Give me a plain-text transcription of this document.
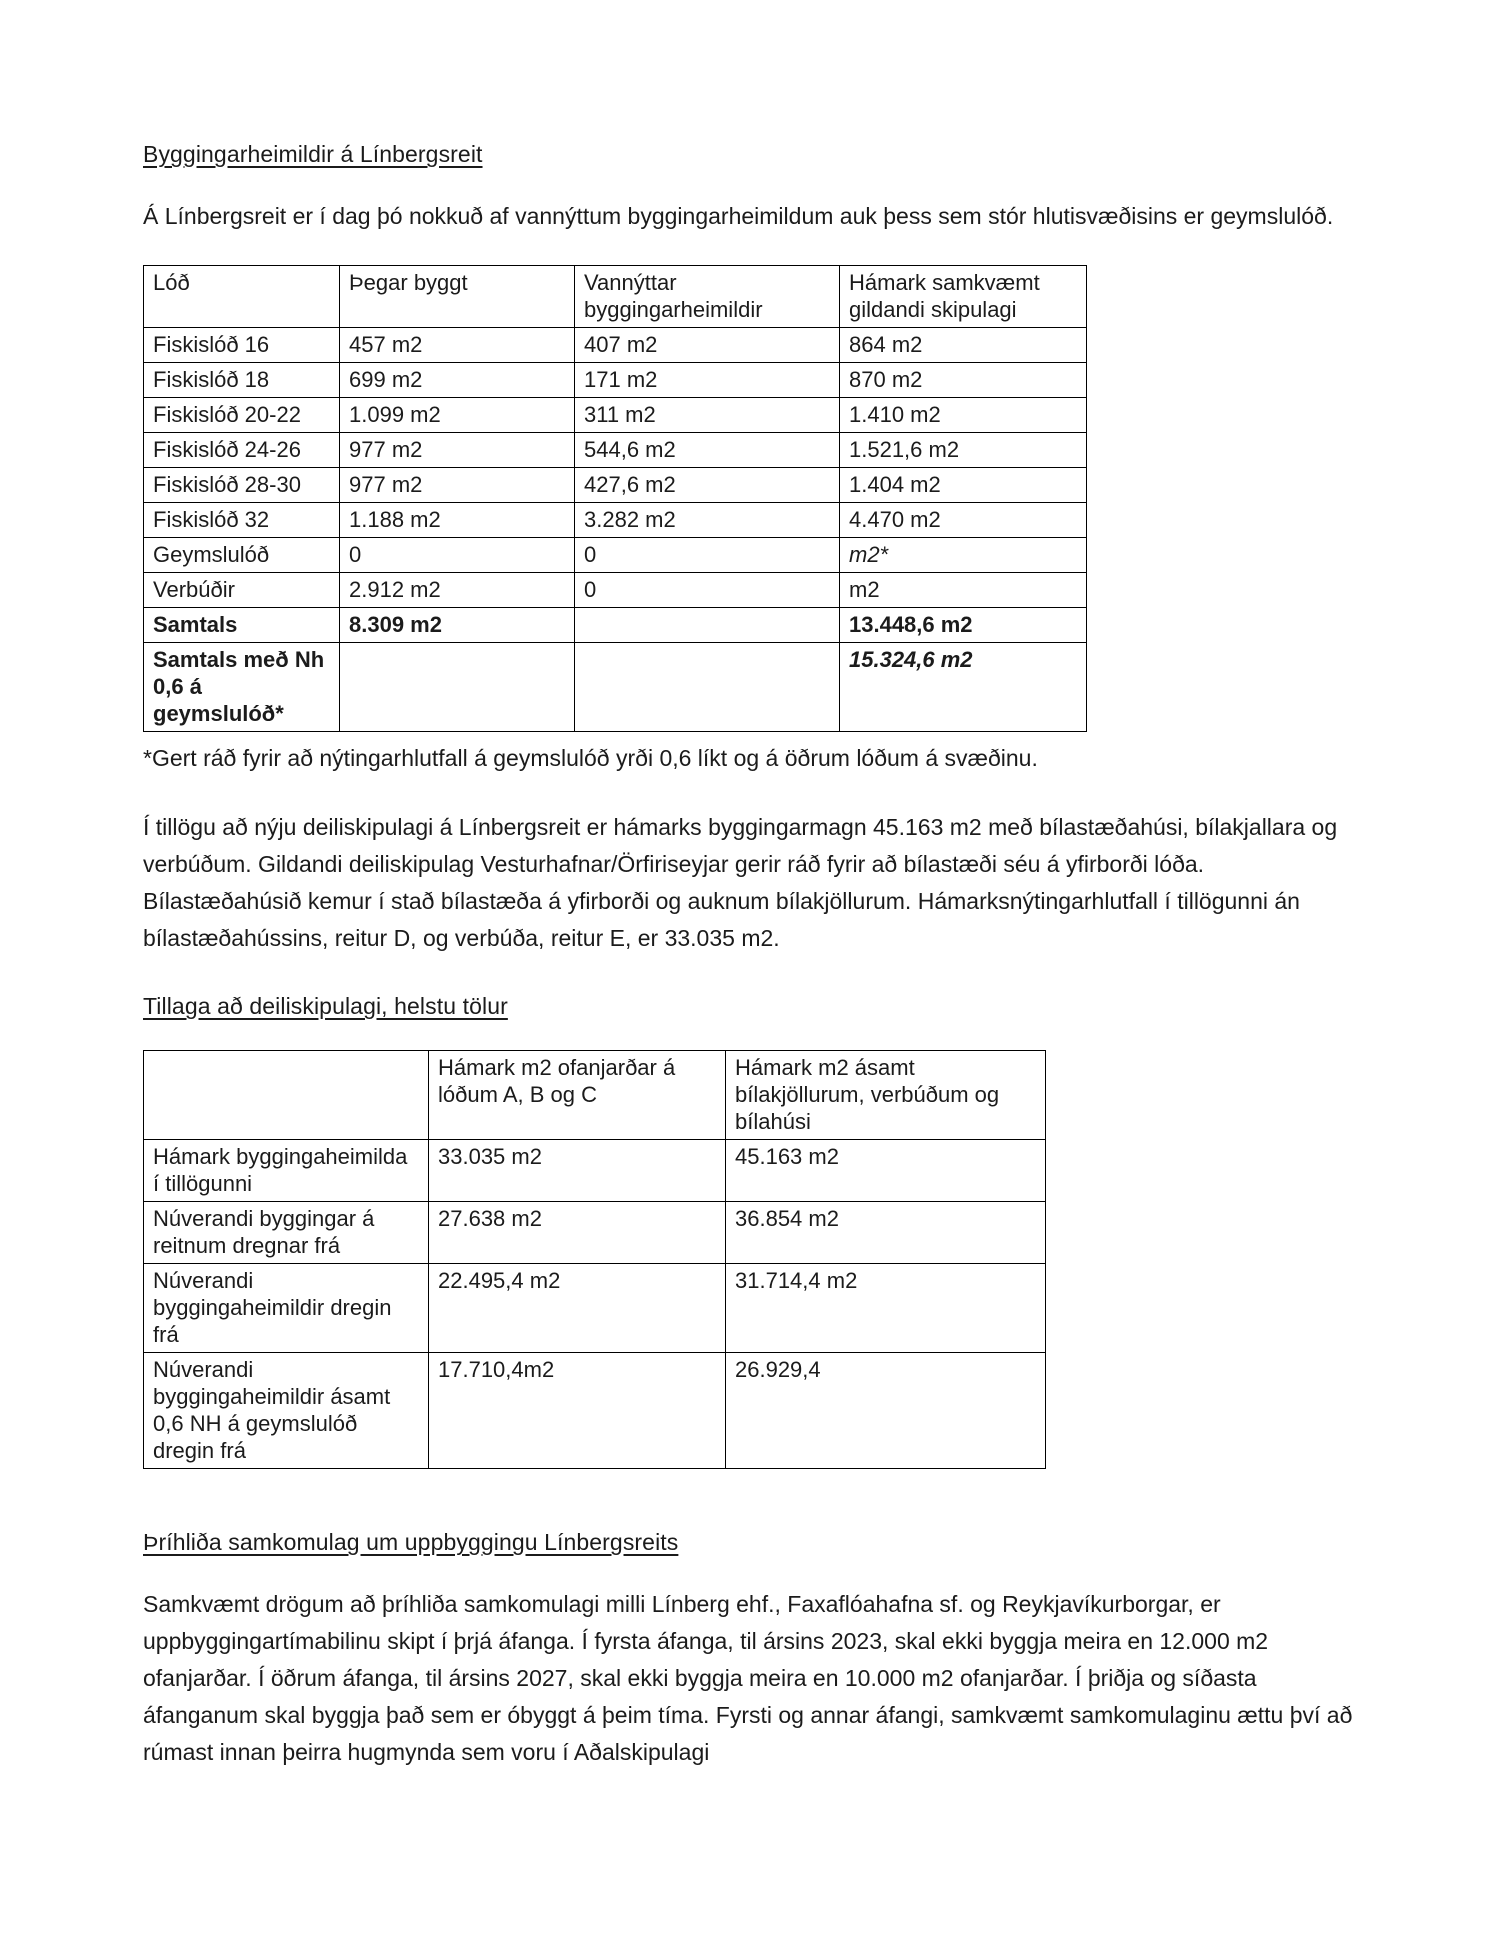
Byggingarheimildir á Línbergsreit

Á Línbergsreit er í dag þó nokkuð af vannýttum byggingarheimildum auk þess sem stór hlutisvæðisins er geymslulóð.

Lóð	Þegar byggt	Vannýttar byggingarheimildir	Hámark samkvæmt gildandi skipulagi
Fiskislóð 16	457 m2	407 m2	864 m2
Fiskislóð 18	699 m2	171 m2	870 m2
Fiskislóð 20-22	1.099 m2	311 m2	1.410 m2
Fiskislóð 24-26	977 m2	544,6 m2	1.521,6 m2
Fiskislóð 28-30	977 m2	427,6 m2	1.404 m2
Fiskislóð 32	1.188 m2	3.282 m2	4.470 m2
Geymslulóð	0	0	m2*
Verbúðir	2.912 m2	0	m2
Samtals	8.309 m2		13.448,6 m2
Samtals með Nh 0,6 á geymslulóð*			15.324,6 m2

*Gert ráð fyrir að nýtingarhlutfall á geymslulóð yrði 0,6 líkt og á öðrum lóðum á svæðinu.

Í tillögu að nýju deiliskipulagi á Línbergsreit er hámarks byggingarmagn 45.163 m2 með bílastæðahúsi, bílakjallara og verbúðum. Gildandi deiliskipulag Vesturhafnar/Örfiriseyjar gerir ráð fyrir að bílastæði séu á yfirborði lóða. Bílastæðahúsið kemur í stað bílastæða á yfirborði og auknum bílakjöllurum. Hámarksnýtingarhlutfall í tillögunni án bílastæðahússins, reitur D, og verbúða, reitur E, er 33.035 m2.

Tillaga að deiliskipulagi, helstu tölur
	Hámark m2 ofanjarðar á lóðum A, B og C	Hámark m2 ásamt bílakjöllurum, verbúðum og bílahúsi
Hámark byggingaheimilda í tillögunni	33.035 m2	45.163 m2
Núverandi byggingar á reitnum dregnar frá	27.638 m2	36.854 m2
Núverandi byggingaheimildir dregin frá	22.495,4 m2	31.714,4 m2
Núverandi byggingaheimildir ásamt 0,6 NH á geymslulóð dregin frá	17.710,4m2	26.929,4
Þríhliða samkomulag um uppbyggingu Línbergsreits

Samkvæmt drögum að þríhliða samkomulagi milli Línberg ehf., Faxaflóahafna sf. og Reykjavíkurborgar, er uppbyggingartímabilinu skipt í þrjá áfanga. Í fyrsta áfanga, til ársins 2023, skal ekki byggja meira en 12.000 m2 ofanjarðar. Í öðrum áfanga, til ársins 2027, skal ekki byggja meira en 10.000 m2 ofanjarðar. Í þriðja og síðasta áfanganum skal byggja það sem er óbyggt á þeim tíma. Fyrsti og annar áfangi, samkvæmt samkomulaginu ættu því að rúmast innan þeirra hugmynda sem voru í Aðalskipulagi
